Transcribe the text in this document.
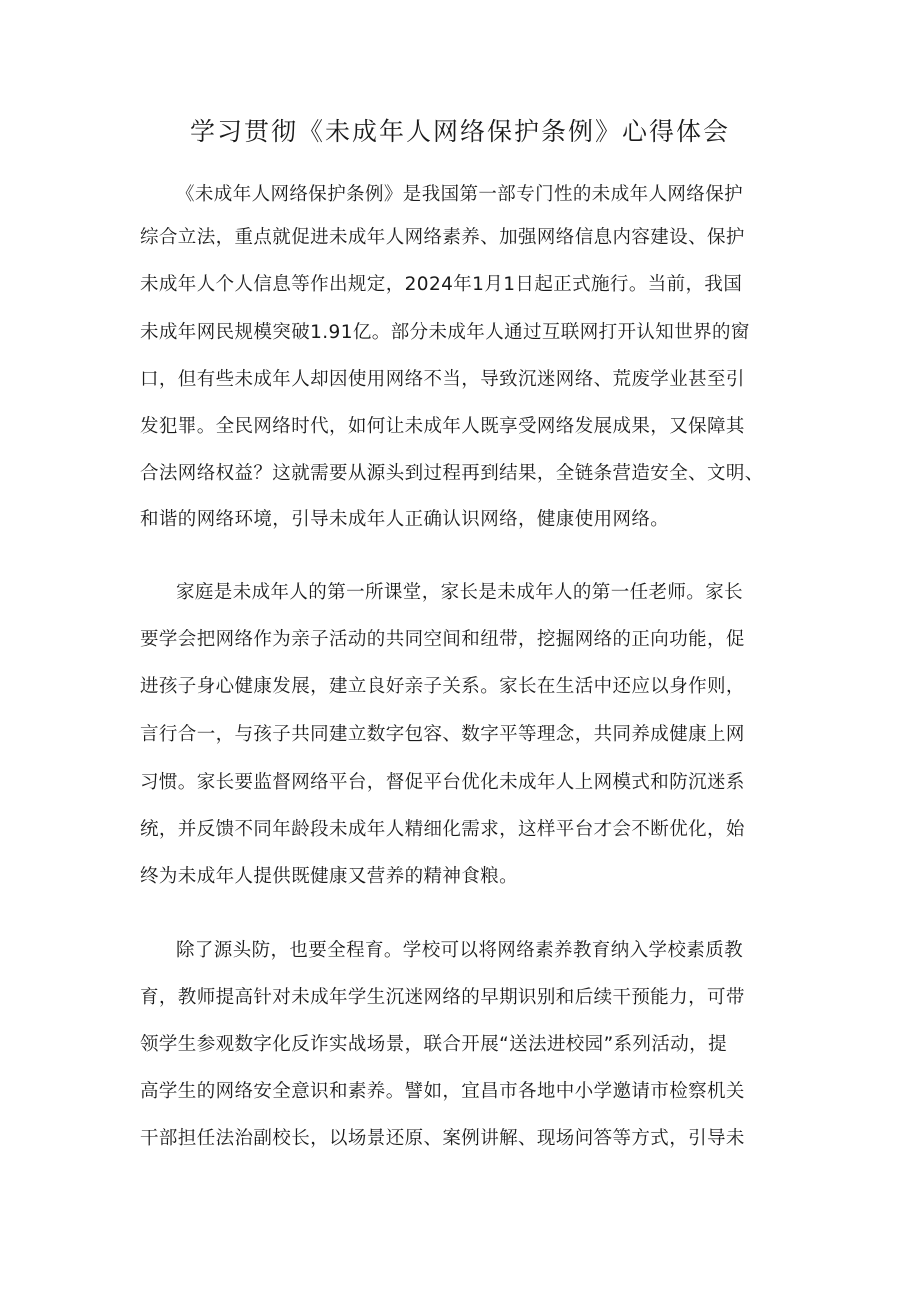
学习贯彻《未成年人网络保护条例》心得体会
《未成年人网络保护条例》是我国第一部专门性的未成年人网络保护
综合立法，重点就促进未成年人网络素养、加强网络信息内容建设、保护
未成年人个人信息等作出规定，2024年1月1日起正式施行。当前，我国
未成年网民规模突破1.91亿。部分未成年人通过互联网打开认知世界的窗
口，但有些未成年人却因使用网络不当，导致沉迷网络、荒废学业甚至引
发犯罪。全民网络时代，如何让未成年人既享受网络发展成果，又保障其
合法网络权益？这就需要从源头到过程再到结果，全链条营造安全、文明、
和谐的网络环境，引导未成年人正确认识网络，健康使用网络。
家庭是未成年人的第一所课堂，家长是未成年人的第一任老师。家长
要学会把网络作为亲子活动的共同空间和纽带，挖掘网络的正向功能，促
进孩子身心健康发展，建立良好亲子关系。家长在生活中还应以身作则，
言行合一，与孩子共同建立数字包容、数字平等理念，共同养成健康上网
习惯。家长要监督网络平台，督促平台优化未成年人上网模式和防沉迷系
统，并反馈不同年龄段未成年人精细化需求，这样平台才会不断优化，始
终为未成年人提供既健康又营养的精神食粮。
除了源头防，也要全程育。学校可以将网络素养教育纳入学校素质教
育，教师提高针对未成年学生沉迷网络的早期识别和后续干预能力，可带
领学生参观数字化反诈实战场景，联合开展“送法进校园”系列活动，提
高学生的网络安全意识和素养。譬如，宜昌市各地中小学邀请市检察机关
干部担任法治副校长，以场景还原、案例讲解、现场问答等方式，引导未
